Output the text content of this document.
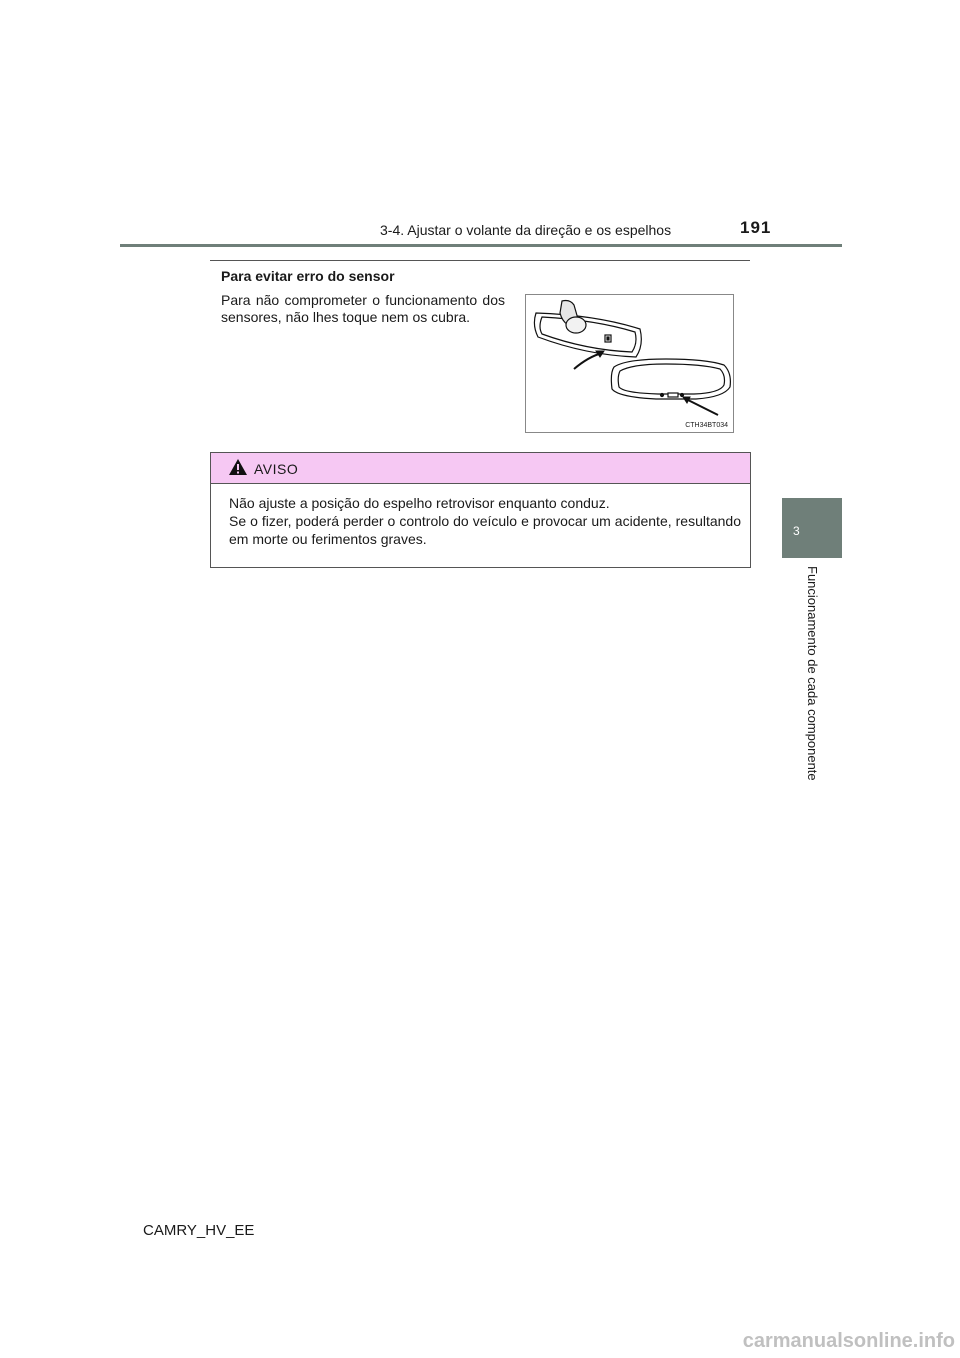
3-4. Ajustar o volante da direção e os espelhos	191
3
Funcionamento de cada componente
Para evitar erro do sensor
Para não comprometer o funcionamento dos sensores, não lhes toque nem os cubra.
CTH34BT034
AVISO

Não ajuste a posição do espelho retrovisor enquanto conduz.

Se o fizer, poderá perder o controlo do veículo e provocar um acidente, resultando em morte ou ferimentos graves.

CAMRY_HV_EE
carmanualsonline.info
